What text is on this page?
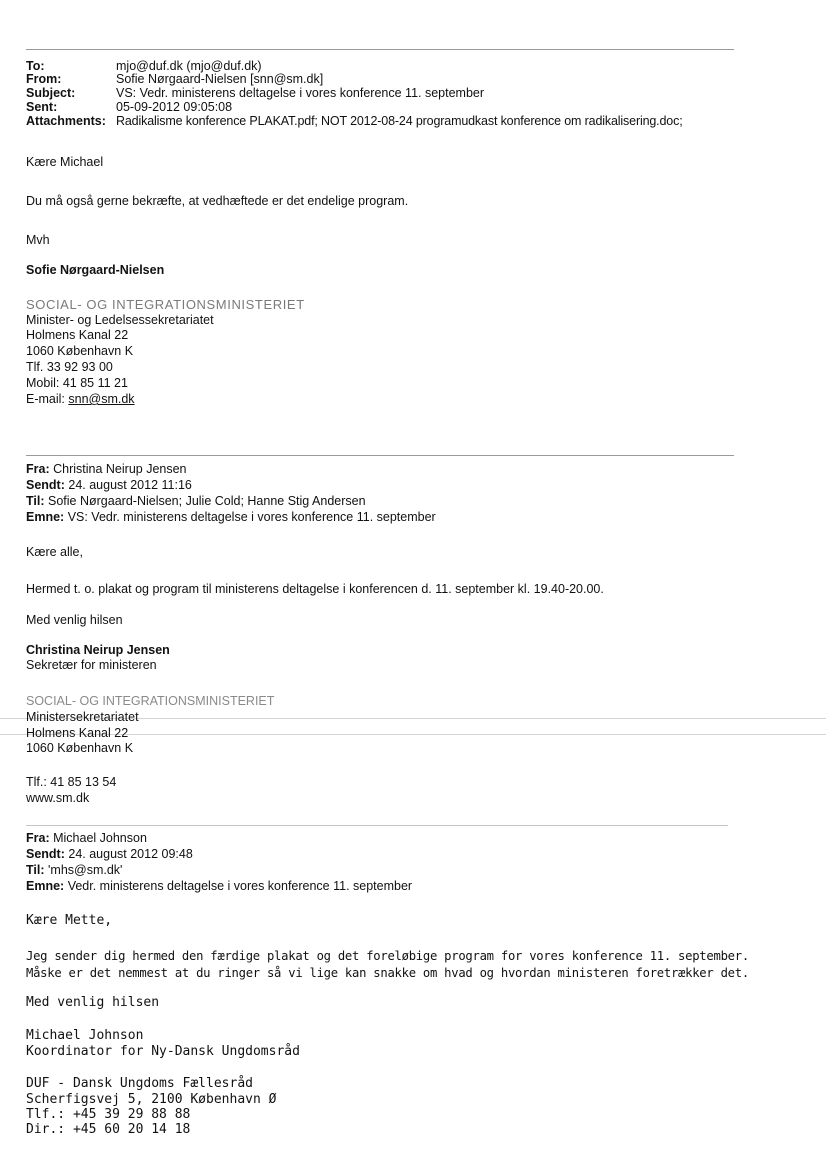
To:	mjo@duf.dk (mjo@duf.dk)
From:	Sofie Nørgaard-Nielsen [snn@sm.dk]
Subject:	VS: Vedr. ministerens deltagelse i vores konference 11. september
Sent:	05-09-2012 09:05:08
Attachments: Radikalisme konference PLAKAT.pdf; NOT 2012-08-24 programudkast konference om radikalisering.doc;
Kære Michael
Du må også gerne bekræfte, at vedhæftede er det endelige program.
Mvh
Sofie Nørgaard-Nielsen
SOCIAL- OG INTEGRATIONSMINISTERIET
Minister- og Ledelsessekretariatet
Holmens Kanal 22
1060 København K
Tlf. 33 92 93 00
Mobil: 41 85 11 21
E-mail: snn@sm.dk
Fra: Christina Neirup Jensen
Sendt: 24. august 2012 11:16
Til: Sofie Nørgaard-Nielsen; Julie Cold; Hanne Stig Andersen
Emne: VS: Vedr. ministerens deltagelse i vores konference 11. september
Kære alle,
Hermed t. o. plakat og program til ministerens deltagelse i konferencen d. 11. september kl. 19.40-20.00.
Med venlig hilsen
Christina Neirup Jensen
Sekretær for ministeren
SOCIAL- OG INTEGRATIONSMINISTERIET
Ministersekretariatet
Holmens Kanal 22
1060 København K
Tlf.: 41 85 13 54
www.sm.dk
Fra: Michael Johnson
Sendt: 24. august 2012 09:48
Til: 'mhs@sm.dk'
Emne: Vedr. ministerens deltagelse i vores konference 11. september
Kære Mette,
Jeg sender dig hermed den færdige plakat og det foreløbige program for vores konference 11. september.
Måske er det nemmest at du ringer så vi lige kan snakke om hvad og hvordan ministeren foretrækker det.
Med venlig hilsen
Michael Johnson
Koordinator for Ny-Dansk Ungdomsråd
DUF - Dansk Ungdoms Fællesråd
Scherfigsvej 5, 2100 København Ø
Tlf.: +45 39 29 88 88
Dir.: +45 60 20 14 18
